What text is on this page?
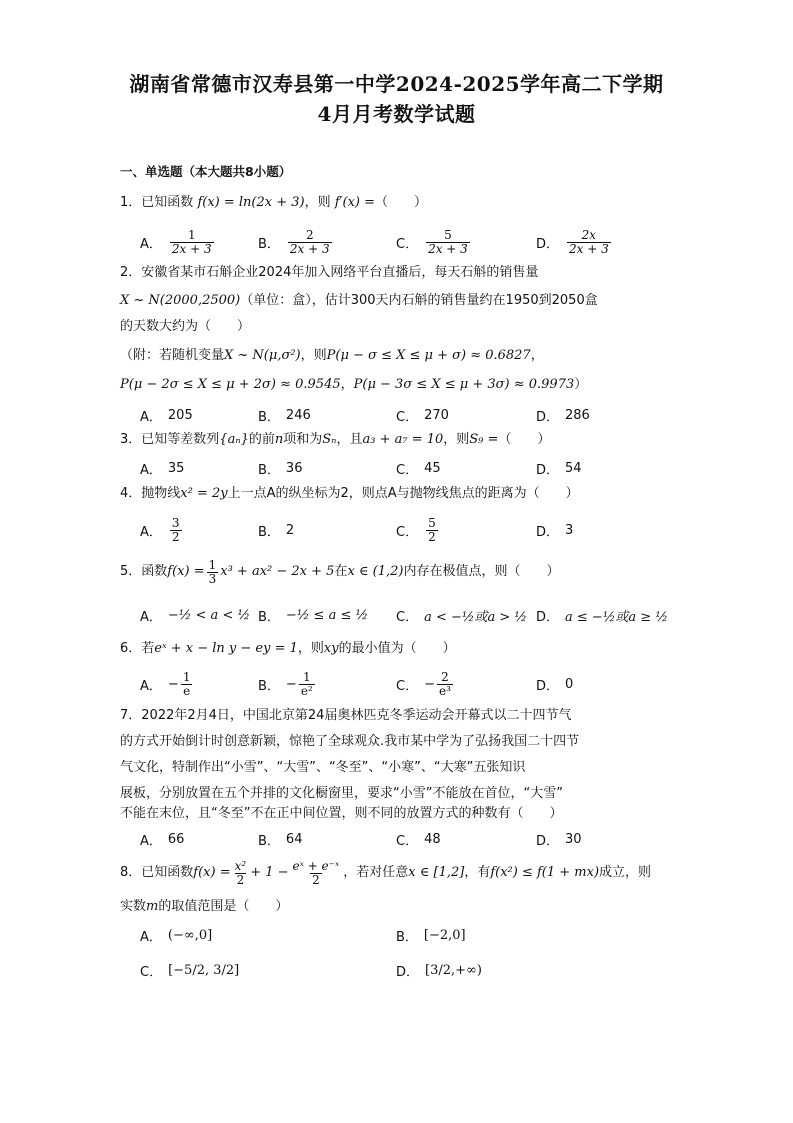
湖南省常德市汉寿县第一中学2024-2025学年高二下学期
4月月考数学试题
一、单选题（本大题共8小题）
1．已知函数 f(x) = ln(2x + 3)，则 f′(x) =（　　）
A． $\frac{1}{2x + 3}$	B． $\frac{2}{2x + 3}$	C． $\frac{5}{2x + 3}$	D． $\frac{2x}{2x + 3}$
2．安徽省某市石斛企业2024年加入网络平台直播后，每天石斛的销售量
X ~ N(2000,2500)（单位：盒），估计300天内石斛的销售量约在1950到2050盒
的天数大约为（　　）
（附：若随机变量X ~ N(μ,σ²)，则P(μ − σ ≤ X ≤ μ + σ) ≈ 0.6827，
P(μ − 2σ ≤ X ≤ μ + 2σ) ≈ 0.9545，P(μ − 3σ ≤ X ≤ μ + 3σ) ≈ 0.9973）
A． 205	B． 246	C． 270	D． 286
3．已知等差数列{aₙ}的前n项和为Sₙ，且a₃ + a₇ = 10，则S₉ =（　　）
A． 35	B． 36	C． 45	D． 54
4．抛物线x² = 2y上一点A的纵坐标为2，则点A与抛物线焦点的距离为（　　）
A． $\frac{3}{2}$	B． 2	C． $\frac{5}{2}$	D． 3
5． 函数 $f(x) = \frac{1}{3} x^3 + ax^2 - 2x + 5$ 在 x ∈ (1,2) 内存在极值点，则（　　）
A． −½ < a < ½ B． −½ ≤ a ≤ ½ C． a < −½或a > ½ D． a ≤ −½或a ≥ ½
6．若eˣ + x − ln y − ey = 1，则xy的最小值为（　　）
A． − $\frac{1}{e}$	B． − $\frac{1}{\text{e²}}$	C． − $\frac{2}{\text{e³}}$	D． 0
7．2022年2月4日，中国北京第24届奥林匹克冬季运动会开幕式以二十四节气
的方式开始倒计时创意新颖，惊艳了全球观众.我市某中学为了弘扬我国二十四节
气文化，特制作出“小雪”、“大雪”、“冬至”、“小寒”、“大寒”五张知识
展板，分别放置在五个并排的文化橱窗里，要求“小雪”不能放在首位，“大雪”
不能在末位，且“冬至”不在正中间位置，则不同的放置方式的种数有（　　）
A． 66	B． 64	C． 48	D． 30
8． 已知函数 $f(x) = \frac{\text{x²}}{2} + 1 - \frac{\text{eˣ + e⁻ˣ}}{2}$ ，若对任意 x ∈ [1,2] ，有 f(x²) ≤ f(1 + mx) 成立，则
实数m的取值范围是（　　）
A． (−∞,0]	B． [−2,0]
C． [−5/2, 3/2]	D． [3/2,+∞)
